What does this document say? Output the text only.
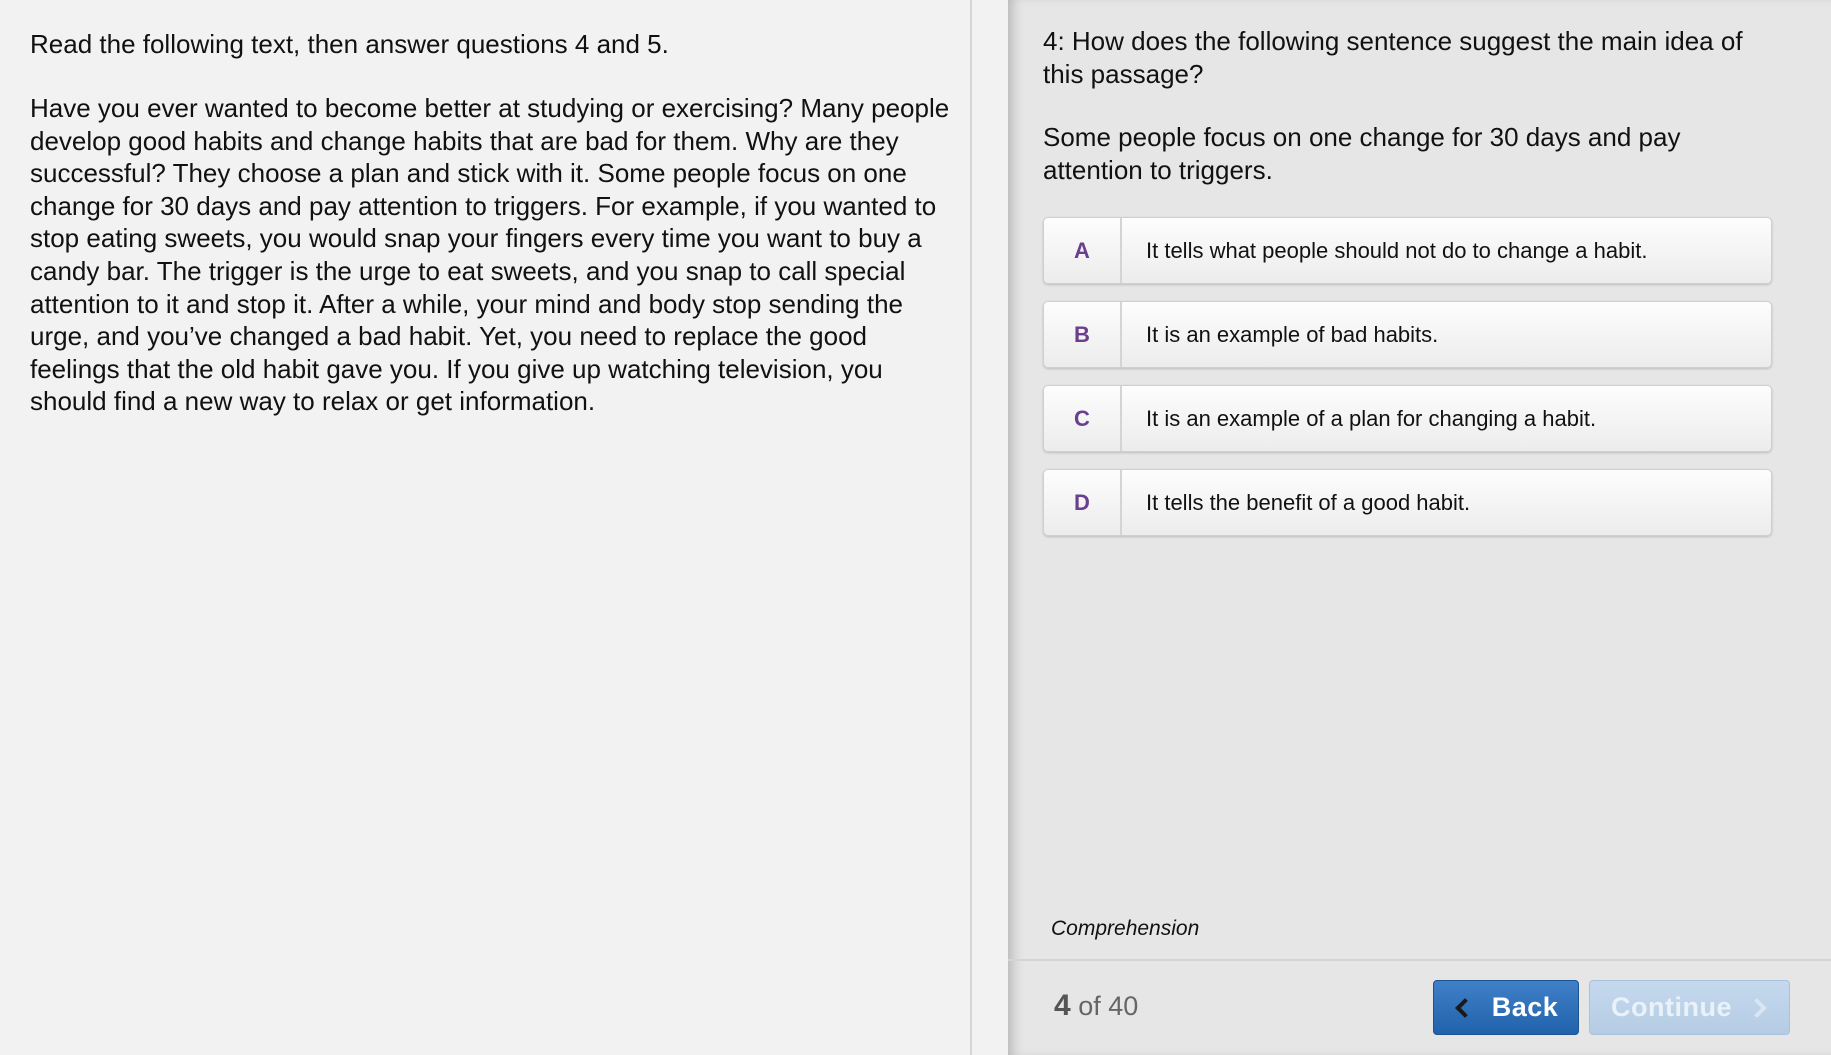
Read the following text, then answer questions 4 and 5.

Have you ever wanted to become better at studying or exercising? Many people develop good habits and change habits that are bad for them. Why are they successful? They choose a plan and stick with it. Some people focus on one change for 30 days and pay attention to triggers. For example, if you wanted to stop eating sweets, you would snap your fingers every time you want to buy a candy bar. The trigger is the urge to eat sweets, and you snap to call special attention to it and stop it. After a while, your mind and body stop sending the urge, and you’ve changed a bad habit. Yet, you need to replace the good feelings that the old habit gave you. If you give up watching television, you should find a new way to relax or get information.

4: How does the following sentence suggest the main idea of this passage?

Some people focus on one change for 30 days and pay attention to triggers.

A	It tells what people should not do to change a habit.
B	It is an example of bad habits.
C	It is an example of a plan for changing a habit.
D	It tells the benefit of a good habit.
Comprehension
4 of 40	Back Continue
